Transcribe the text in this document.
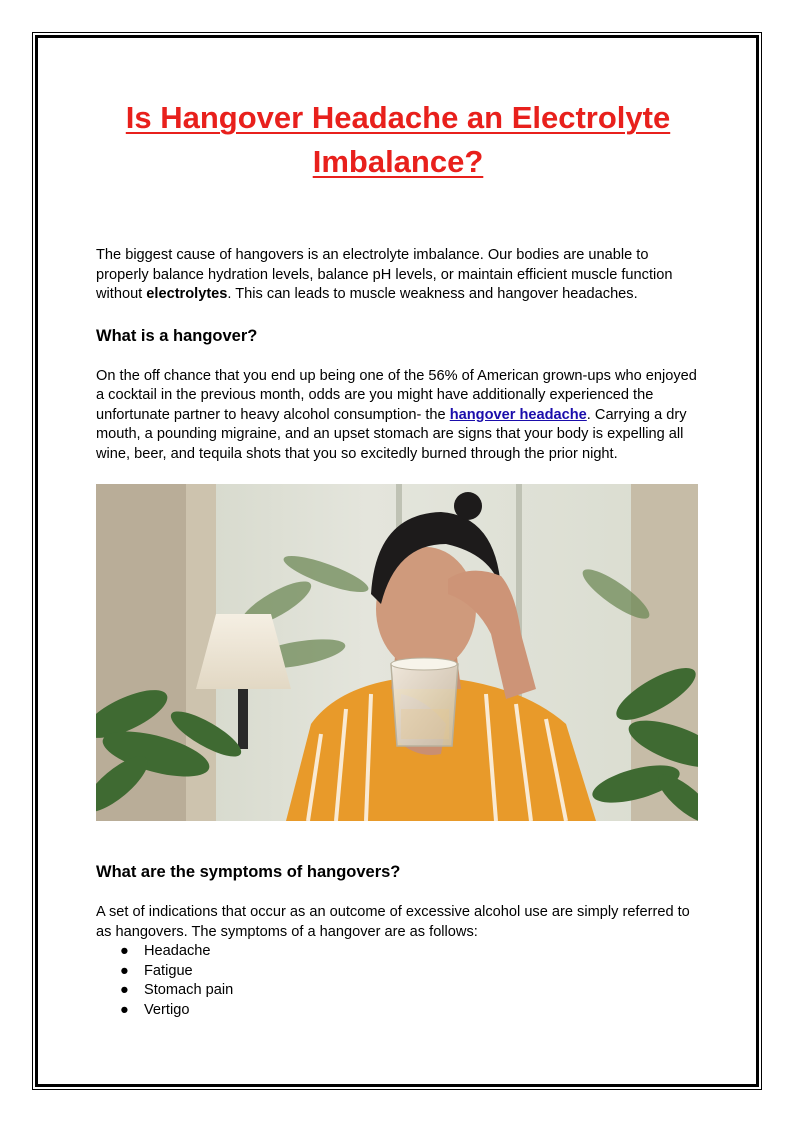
Is Hangover Headache an Electrolyte Imbalance?

The biggest cause of hangovers is an electrolyte imbalance. Our bodies are unable to properly balance hydration levels, balance pH levels, or maintain efficient muscle function without electrolytes. This can leads to muscle weakness and hangover headaches.

What is a hangover?

On the off chance that you end up being one of the 56% of American grown-ups who enjoyed a cocktail in the previous month, odds are you might have additionally experienced the unfortunate partner to heavy alcohol consumption- the hangover headache. Carrying a dry mouth, a pounding migraine, and an upset stomach are signs that your body is expelling all wine, beer, and tequila shots that you so excitedly burned through the prior night.

What are the symptoms of hangovers?

A set of indications that occur as an outcome of excessive alcohol use are simply referred to as hangovers. The symptoms of a hangover are as follows:

● Headache
● Fatigue
● Stomach pain
● Vertigo
